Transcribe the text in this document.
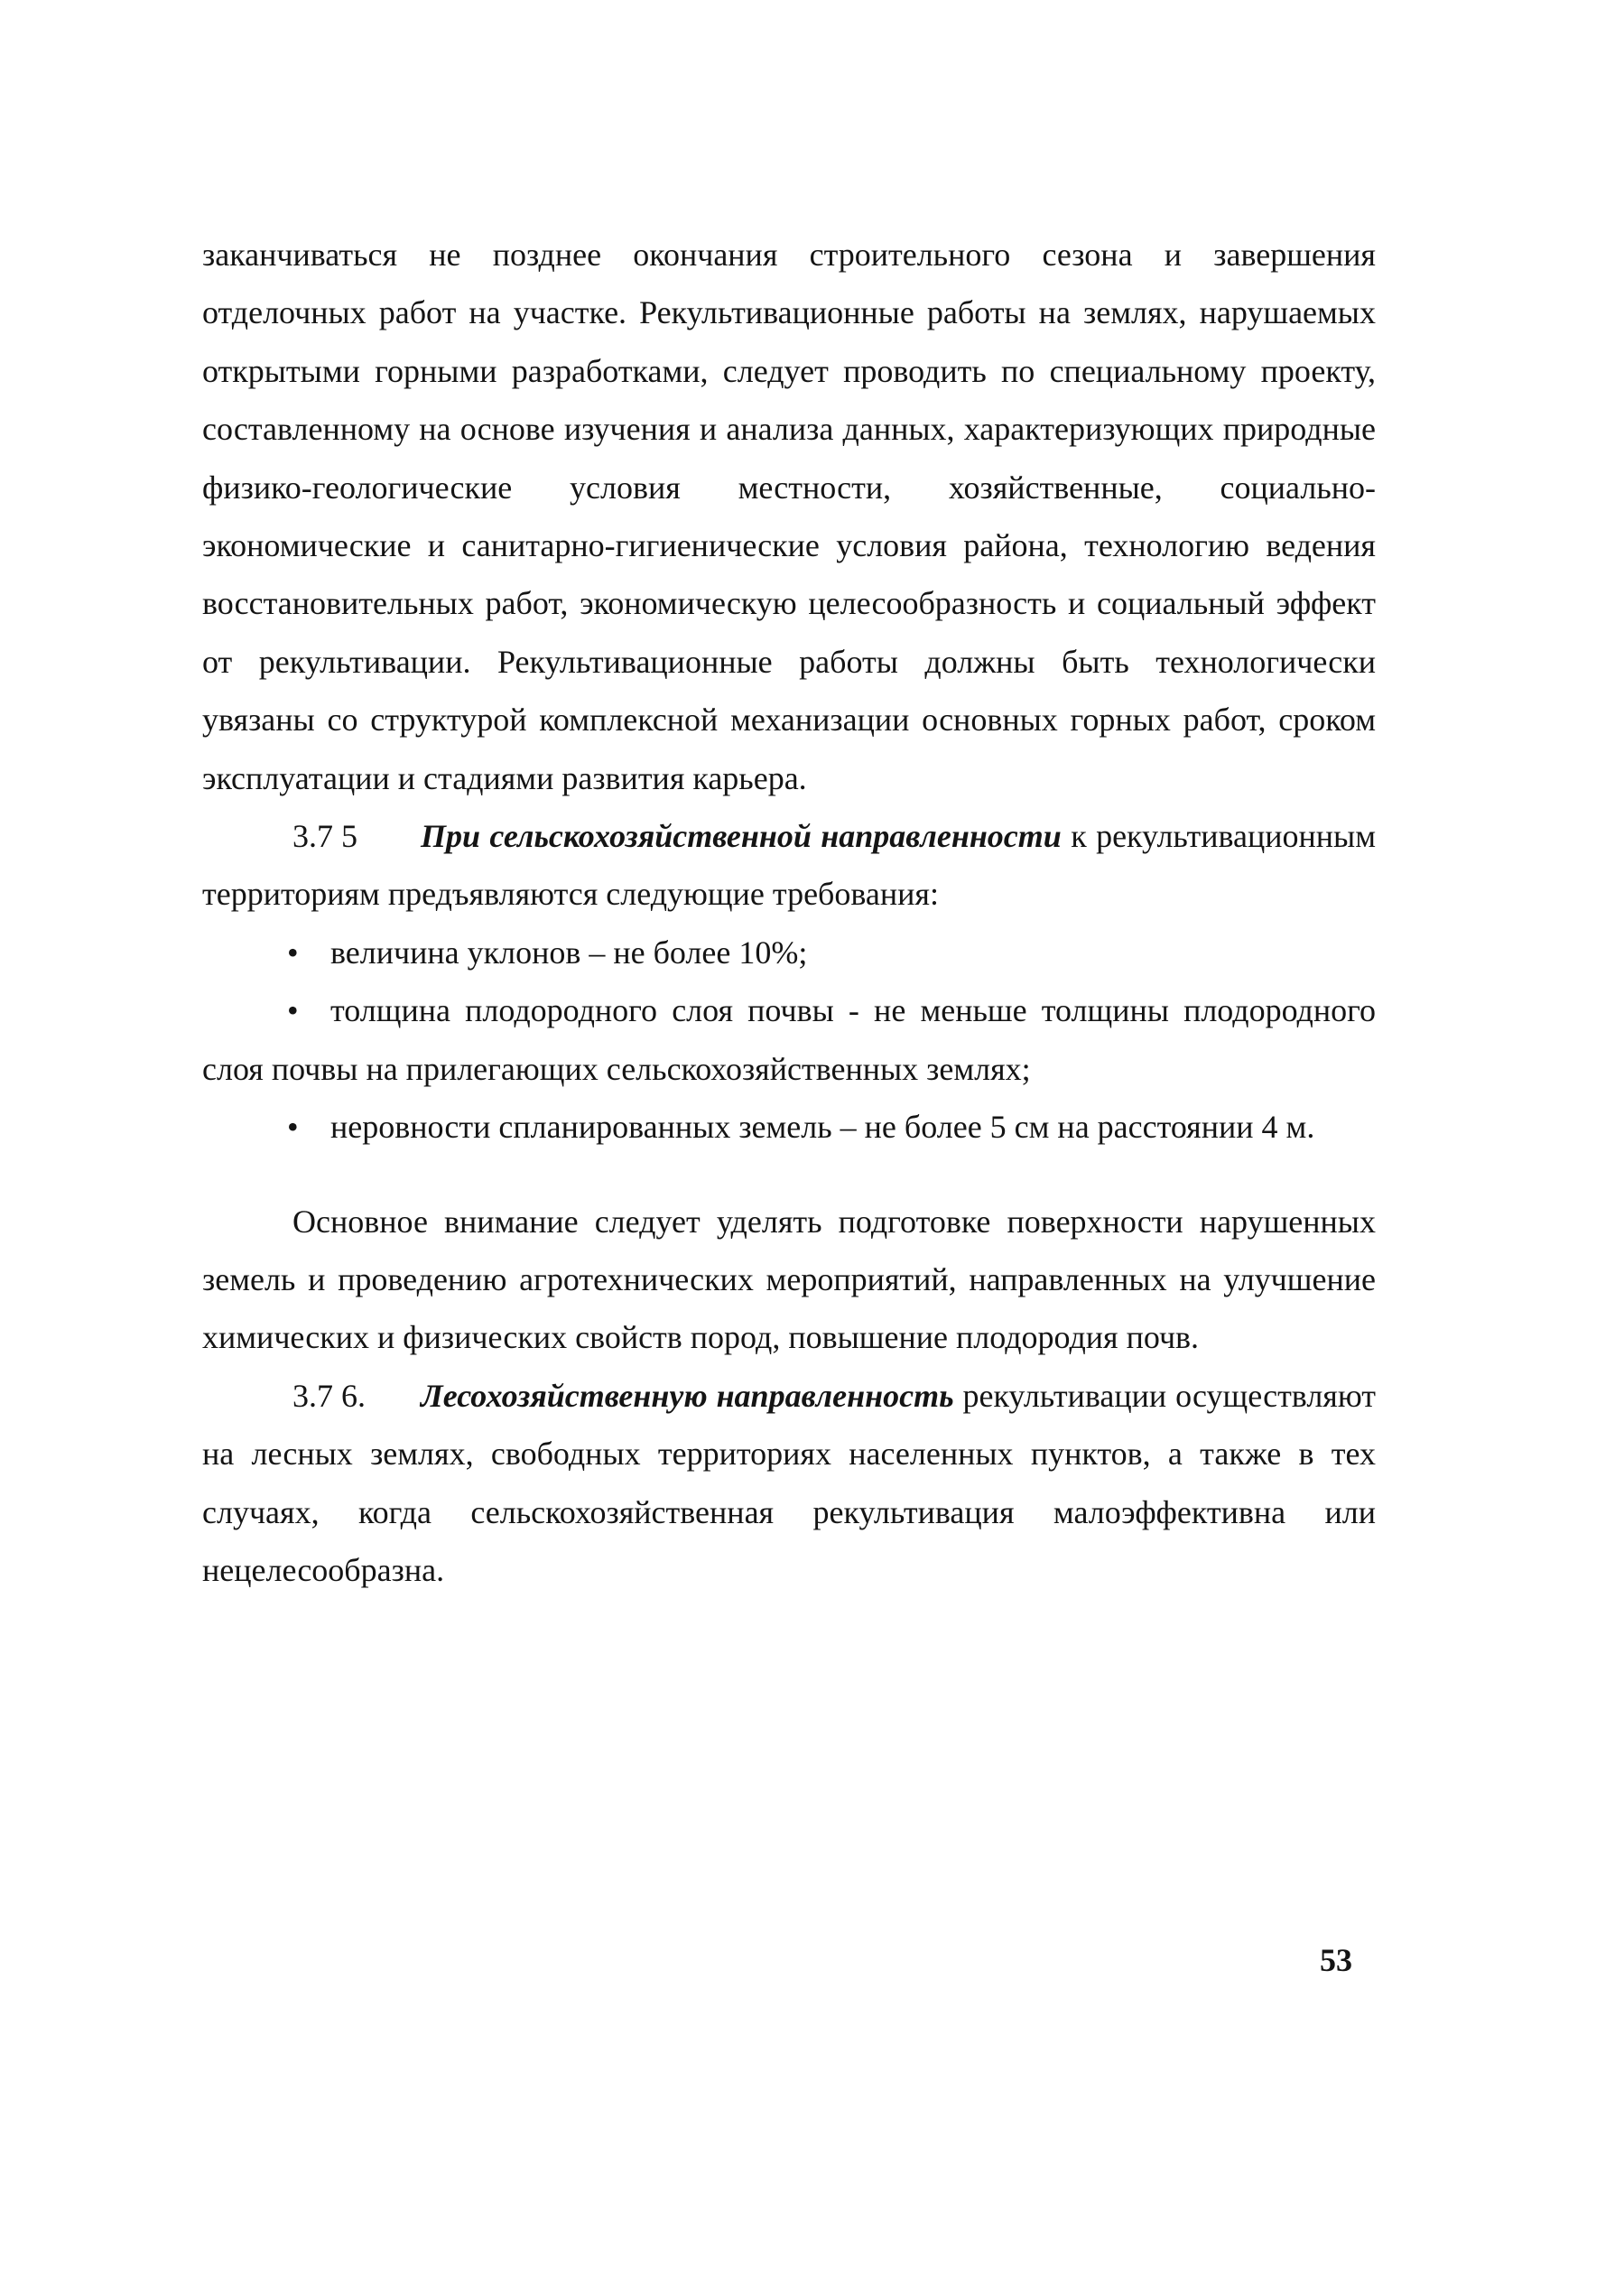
заканчиваться не позднее окончания строительного сезона и завершения отделочных работ на участке. Рекультивационные работы на землях, нарушаемых открытыми горными разработками, следует проводить по специальному проекту, составленному на основе изучения и анализа данных, характеризующих природные физико-геологические условия местности, хозяйственные, социально-экономические и санитарно-гигиенические условия района, технологию ведения восстановительных работ, экономическую целесообразность и социальный эффект от рекультивации. Рекультивационные работы должны быть технологически увязаны со структурой комплексной механизации основных горных работ, сроком эксплуатации и стадиями развития карьера.

3.7 5 При сельскохозяйственной направленности к рекультивационным территориям предъявляются следующие требования:

• величина уклонов – не более 10%;

• толщина плодородного слоя почвы - не меньше толщины плодородного слоя почвы на прилегающих сельскохозяйственных землях;

• неровности спланированных земель – не более 5 см на расстоянии 4 м.

Основное внимание следует уделять подготовке поверхности нарушенных земель и проведению агротехнических мероприятий, направленных на улучшение химических и физических свойств пород, повышение плодородия почв.

3.7 6. Лесохозяйственную направленность рекультивации осуществляют на лесных землях, свободных территориях населенных пунктов, а также в тех случаях, когда сельскохозяйственная рекультивация малоэффективна или нецелесообразна.

53
